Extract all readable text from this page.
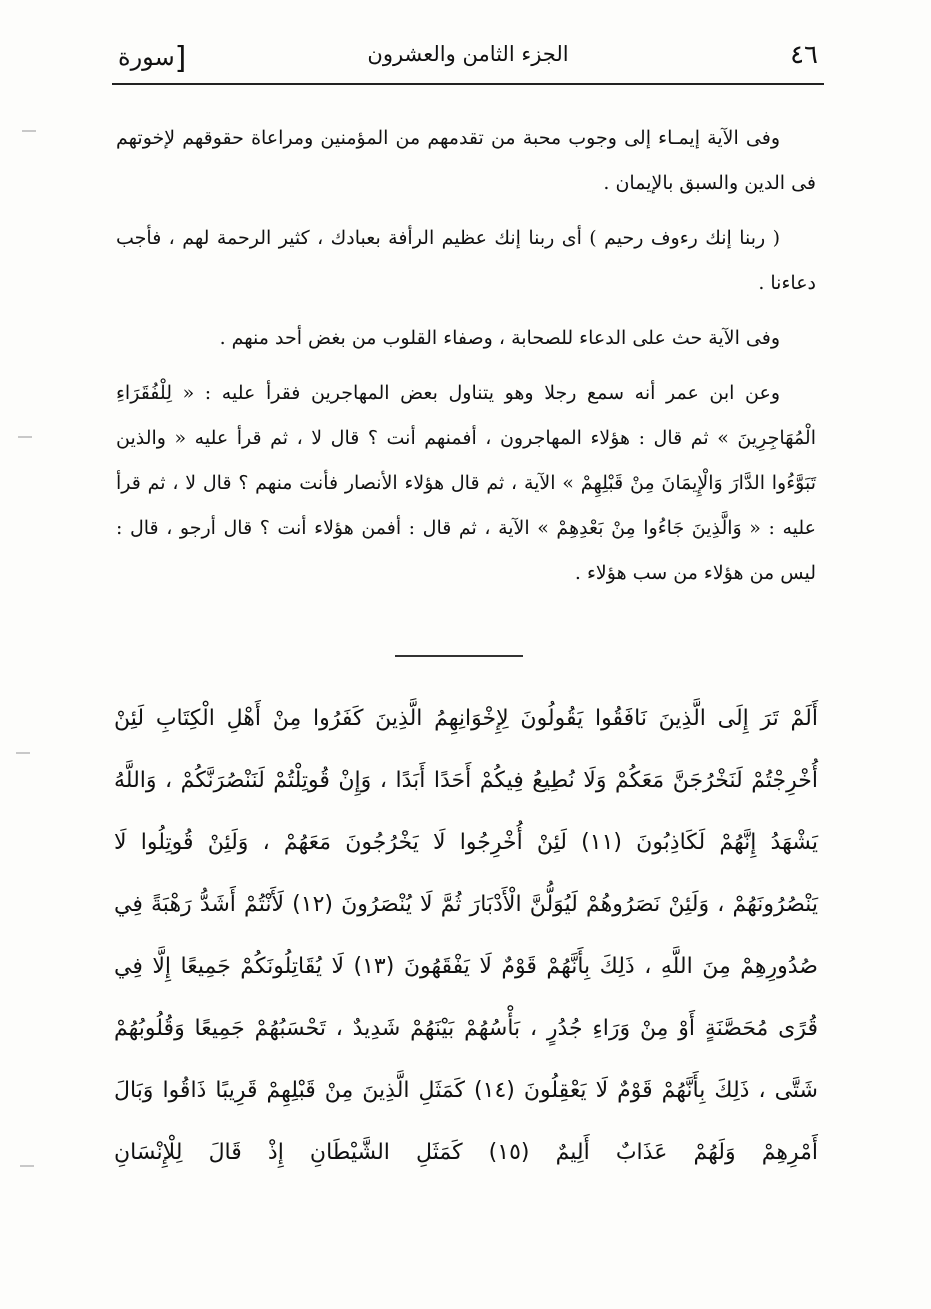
٤٦
الجزء الثامن والعشرون
[سورة

وفى الآية إيمـاء إلى وجوب محبة من تقدمهم من المؤمنين ومراعاة حقوقهم لإخوتهم فى الدين والسبق بالإيمان .

( ربنا إنك رءوف رحيم ) أى ربنا إنك عظيم الرأفة بعبادك ، كثير الرحمة لهم ، فأجب دعاءنا .

وفى الآية حث على الدعاء للصحابة ، وصفاء القلوب من بغض أحد منهم .

وعن ابن عمر أنه سمع رجلا وهو يتناول بعض المهاجرين فقرأ عليه : « لِلْفُقَرَاءِ الْمُهَاجِرِينَ » ثم قال : هؤلاء المهاجرون ، أفمنهم أنت ؟ قال لا ، ثم قرأ عليه « والذين تَبَوَّءُوا الدَّارَ وَالْإِيمَانَ مِنْ قَبْلِهِمْ » الآية ، ثم قال هؤلاء الأنصار فأنت منهم ؟ قال لا ، ثم قرأ عليه : « وَالَّذِينَ جَاءُوا مِنْ بَعْدِهِمْ » الآية ، ثم قال : أفمن هؤلاء أنت ؟ قال أرجو ، قال : ليس من هؤلاء من سب هؤلاء .

أَلَمْ تَرَ إِلَى الَّذِينَ نَافَقُوا يَقُولُونَ لِإِخْوَانِهِمُ الَّذِينَ كَفَرُوا مِنْ أَهْلِ الْكِتَابِ لَئِنْ أُخْرِجْتُمْ لَنَخْرُجَنَّ مَعَكُمْ وَلَا نُطِيعُ فِيكُمْ أَحَدًا أَبَدًا ، وَإِنْ قُوتِلْتُمْ لَنَنْصُرَنَّكُمْ ، وَاللَّهُ يَشْهَدُ إِنَّهُمْ لَكَاذِبُونَ (١١) لَئِنْ أُخْرِجُوا لَا يَخْرُجُونَ مَعَهُمْ ، وَلَئِنْ قُوتِلُوا لَا يَنْصُرُونَهُمْ ، وَلَئِنْ نَصَرُوهُمْ لَيُوَلُّنَّ الْأَدْبَارَ ثُمَّ لَا يُنْصَرُونَ (١٢) لَأَنْتُمْ أَشَدُّ رَهْبَةً فِي صُدُورِهِمْ مِنَ اللَّهِ ، ذَلِكَ بِأَنَّهُمْ قَوْمٌ لَا يَفْقَهُونَ (١٣) لَا يُقَاتِلُونَكُمْ جَمِيعًا إِلَّا فِي قُرًى مُحَصَّنَةٍ أَوْ مِنْ وَرَاءِ جُدُرٍ ، بَأْسُهُمْ بَيْنَهُمْ شَدِيدٌ ، تَحْسَبُهُمْ جَمِيعًا وَقُلُوبُهُمْ شَتَّى ، ذَلِكَ بِأَنَّهُمْ قَوْمٌ لَا يَعْقِلُونَ (١٤) كَمَثَلِ الَّذِينَ مِنْ قَبْلِهِمْ قَرِيبًا ذَاقُوا وَبَالَ أَمْرِهِمْ وَلَهُمْ عَذَابٌ أَلِيمٌ (١٥) كَمَثَلِ الشَّيْطَانِ إِذْ قَالَ لِلْإِنْسَانِ
